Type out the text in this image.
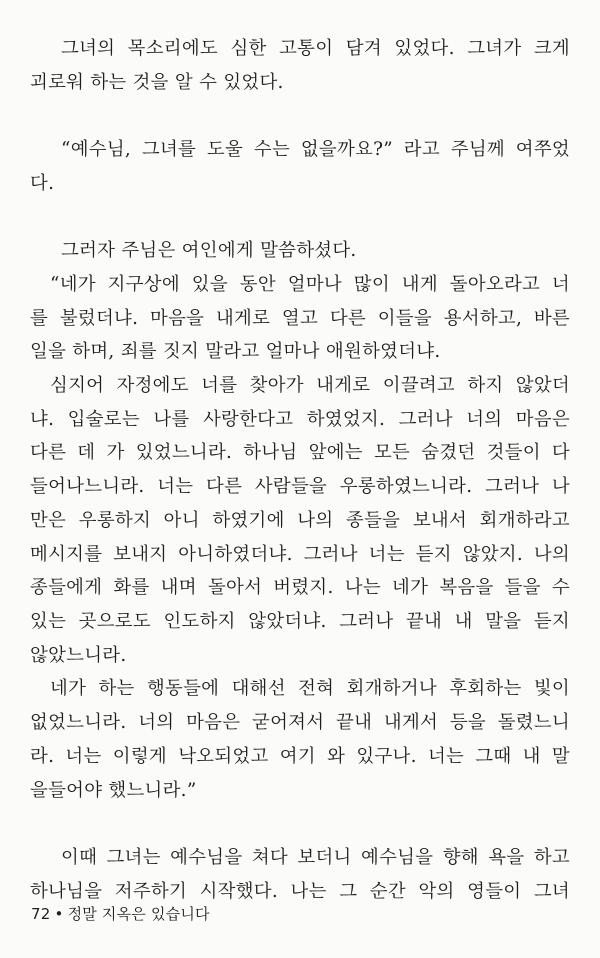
그녀의 목소리에도 심한 고통이 담겨 있었다. 그녀가 크게
괴로워 하는 것을 알 수 있었다.
“예수님, 그녀를 도울 수는 없을까요?” 라고 주님께 여쭈었
다.
그러자 주님은 여인에게 말씀하셨다.
“네가 지구상에 있을 동안 얼마나 많이 내게 돌아오라고 너
를 불렀더냐. 마음을 내게로 열고 다른 이들을 용서하고, 바른
일을 하며, 죄를 짓지 말라고 얼마나 애원하였더냐.
심지어 자정에도 너를 찾아가 내게로 이끌려고 하지 않았더
냐. 입술로는 나를 사랑한다고 하였었지. 그러나 너의 마음은
다른 데 가 있었느니라. 하나님 앞에는 모든 숨겼던 것들이 다
들어나느니라. 너는 다른 사람들을 우롱하였느니라. 그러나 나
만은 우롱하지 아니 하였기에 나의 종들을 보내서 회개하라고
메시지를 보내지 아니하였더냐. 그러나 너는 듣지 않았지. 나의
종들에게 화를 내며 돌아서 버렸지. 나는 네가 복음을 들을 수
있는 곳으로도 인도하지 않았더냐. 그러나 끝내 내 말을 듣지
않았느니라.
네가 하는 행동들에 대해선 전혀 회개하거나 후회하는 빛이
없었느니라. 너의 마음은 굳어져서 끝내 내게서 등을 돌렸느니
라. 너는 이렇게 낙오되었고 여기 와 있구나. 너는 그때 내 말
을들어야 했느니라.”
이때 그녀는 예수님을 쳐다 보더니 예수님을 향해 욕을 하고
하나님을 저주하기 시작했다. 나는 그 순간 악의 영들이 그녀
72 • 정말 지옥은 있습니다
